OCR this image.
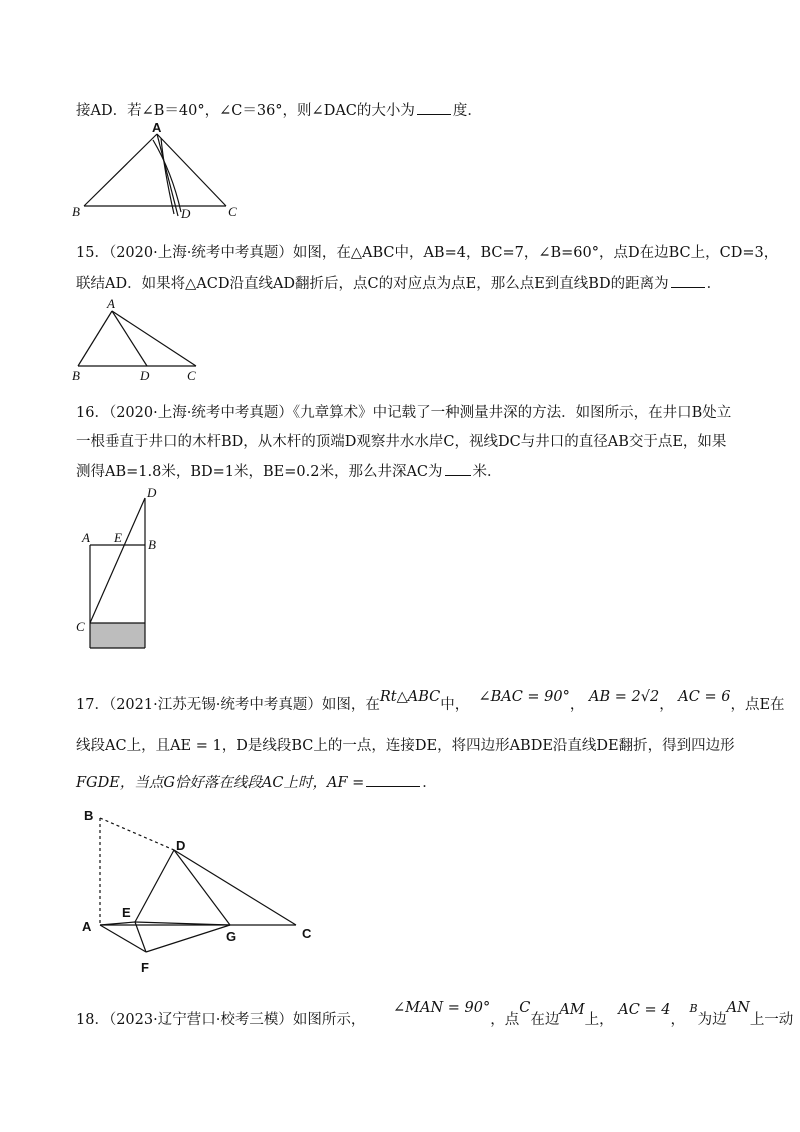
接AD．若∠B＝40°，∠C＝36°，则∠DAC的大小为	度．
A
B	D	C
15．（2020·上海·统考中考真题）如图，在△ABC中，AB=4，BC=7，∠B=60°，点D在边BC上，CD=3，
联结AD．如果将△ACD沿直线AD翻折后，点C的对应点为点E，那么点E到直线BD的距离为	．
A
B	D	C
16．（2020·上海·统考中考真题）《九章算术》中记载了一种测量井深的方法．如图所示，在井口B处立
一根垂直于井口的木杆BD，从木杆的顶端D观察井水水岸C，视线DC与井口的直径AB交于点E，如果
测得AB=1.8米，BD=1米，BE=0.2米，那么井深AC为 米．
D
A E B
C
17．（2021·江苏无锡·统考中考真题）如图，在Rt△ABC中， ∠BAC = 90°， AB = 2√2， AC = 6，点E在
线段AC上，且AE = 1，D是线段BC上的一点，连接DE，将四边形ABDE沿直线DE翻折，得到四边形
FGDE，当点G恰好落在线段AC上时，AF =	．
B
D
E
A
G	C
F
18．（2023·辽宁营口·校考三模）如图所示，      ∠MAN = 90°，点C在边AM上， AC = 4， $^B$为边AN上一动
